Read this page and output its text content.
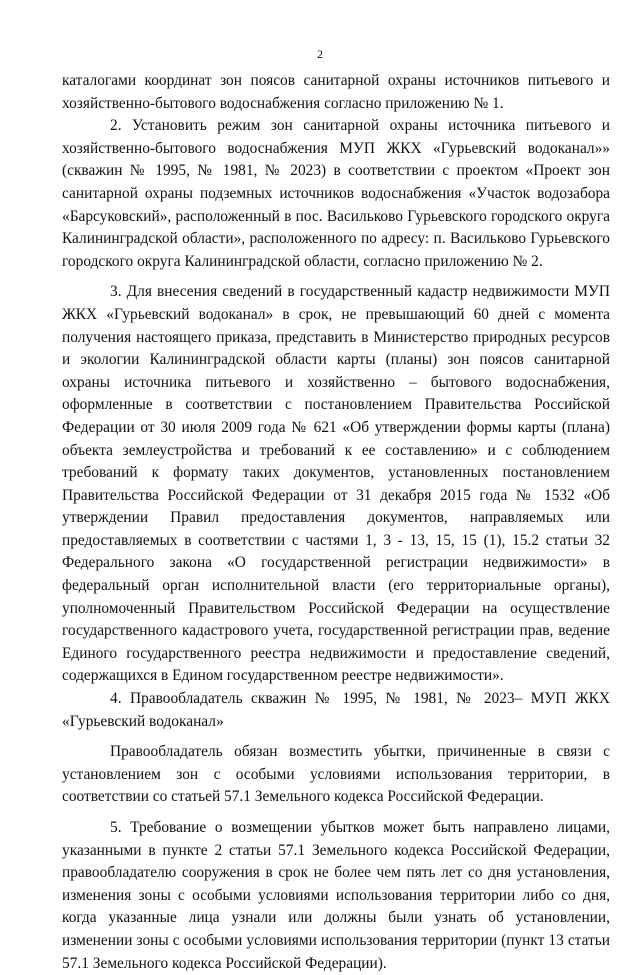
2

каталогами координат зон поясов санитарной охраны источников питьевого и хозяйственно-бытового водоснабжения согласно приложению № 1.

2. Установить режим зон санитарной охраны источника питьевого и хозяйственно-бытового водоснабжения МУП ЖКХ «Гурьевский водоканал»» (скважин № 1995, № 1981, № 2023) в соответствии с проектом «Проект зон санитарной охраны подземных источников водоснабжения «Участок водозабора «Барсуковский», расположенный в пос. Васильково Гурьевского городского округа Калининградской области», расположенного по адресу: п. Васильково Гурьевского городского округа Калининградской области, согласно приложению № 2.

3. Для внесения сведений в государственный кадастр недвижимости МУП ЖКХ «Гурьевский водоканал» в срок, не превышающий 60 дней с момента получения настоящего приказа, представить в Министерство природных ресурсов и экологии Калининградской области карты (планы) зон поясов санитарной охраны источника питьевого и хозяйственно – бытового водоснабжения, оформленные в соответствии с постановлением Правительства Российской Федерации от 30 июля 2009 года № 621 «Об утверждении формы карты (плана) объекта землеустройства и требований к ее составлению» и с соблюдением требований к формату таких документов, установленных постановлением Правительства Российской Федерации от 31 декабря 2015 года № 1532 «Об утверждении Правил предоставления документов, направляемых или предоставляемых в соответствии с частями 1, 3 - 13, 15, 15 (1), 15.2 статьи 32 Федерального закона «О государственной регистрации недвижимости» в федеральный орган исполнительной власти (его территориальные органы), уполномоченный Правительством Российской Федерации на осуществление государственного кадастрового учета, государственной регистрации прав, ведение Единого государственного реестра недвижимости и предоставление сведений, содержащихся в Едином государственном реестре недвижимости».

4. Правообладатель скважин № 1995, № 1981, № 2023– МУП ЖКХ «Гурьевский водоканал»

Правообладатель обязан возместить убытки, причиненные в связи с установлением зон с особыми условиями использования территории, в соответствии со статьей 57.1 Земельного кодекса Российской Федерации.

5. Требование о возмещении убытков может быть направлено лицами, указанными в пункте 2 статьи 57.1 Земельного кодекса Российской Федерации, правообладателю сооружения в срок не более чем пять лет со дня установления, изменения зоны с особыми условиями использования территории либо со дня, когда указанные лица узнали или должны были узнать об установлении, изменении зоны с особыми условиями использования территории (пункт 13 статьи 57.1 Земельного кодекса Российской Федерации).
